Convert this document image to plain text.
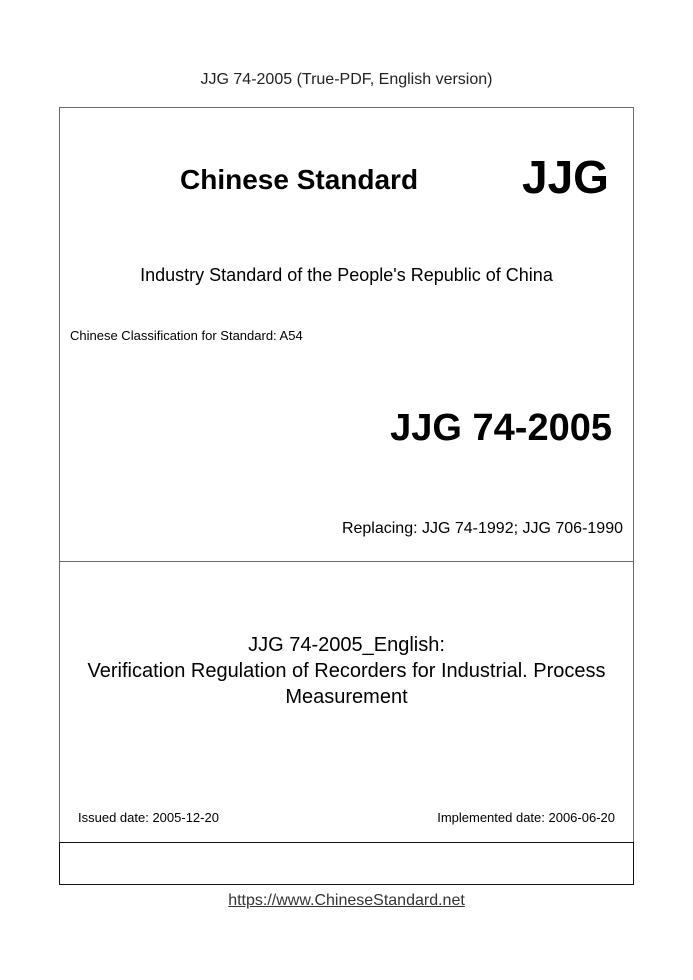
JJG 74-2005 (True-PDF, English version)
Chinese Standard JJG
Industry Standard of the People's Republic of China
Chinese Classification for Standard: A54
JJG 74-2005
Replacing: JJG 74-1992; JJG 706-1990
JJG 74-2005_English:
Verification Regulation of Recorders for Industrial. Process
Measurement
Issued date: 2005-12-20	Implemented date: 2006-06-20
https://www.ChineseStandard.net
